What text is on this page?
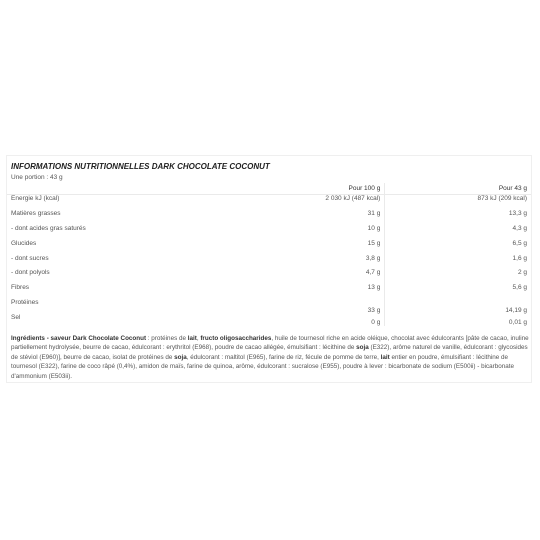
INFORMATIONS NUTRITIONNELLES DARK CHOCOLATE COCONUT
Une portion : 43 g
	Pour 100 g	Pour 43 g
Energie kJ (kcal)	2 030 kJ (487 kcal)	873 kJ (209 kcal)
Matières grasses	31 g	13,3 g
- dont acides gras saturés	10 g	4,3 g
Glucides	15 g	6,5 g
- dont sucres	3,8 g	1,6 g
- dont polyols	4,7 g	2 g
Fibres	13 g	5,6 g
Protéines	33 g	14,19 g
Sel	0 g	0,01 g
Ingrédients - saveur Dark Chocolate Coconut : protéines de lait, fructo oligosaccharides, huile de tournesol riche en acide oléique, chocolat avec édulcorants [pâte de cacao, inuline partiellement hydrolysée, beurre de cacao, édulcorant : erythritol (E968), poudre de cacao allégée, émulsifiant : lécithine de soja (E322), arôme naturel de vanille, édulcorant : glycosides de stéviol (E960)], beurre de cacao, isolat de protéines de soja, édulcorant : maltitol (E965), farine de riz, fécule de pomme de terre, lait entier en poudre, émulsifiant : lécithine de tournesol (E322), farine de coco râpé (0,4%), amidon de maïs, farine de quinoa, arôme, édulcorant : sucralose (E955), poudre à lever : bicarbonate de sodium (E500ii) - bicarbonate d'ammonium (E503ii).
